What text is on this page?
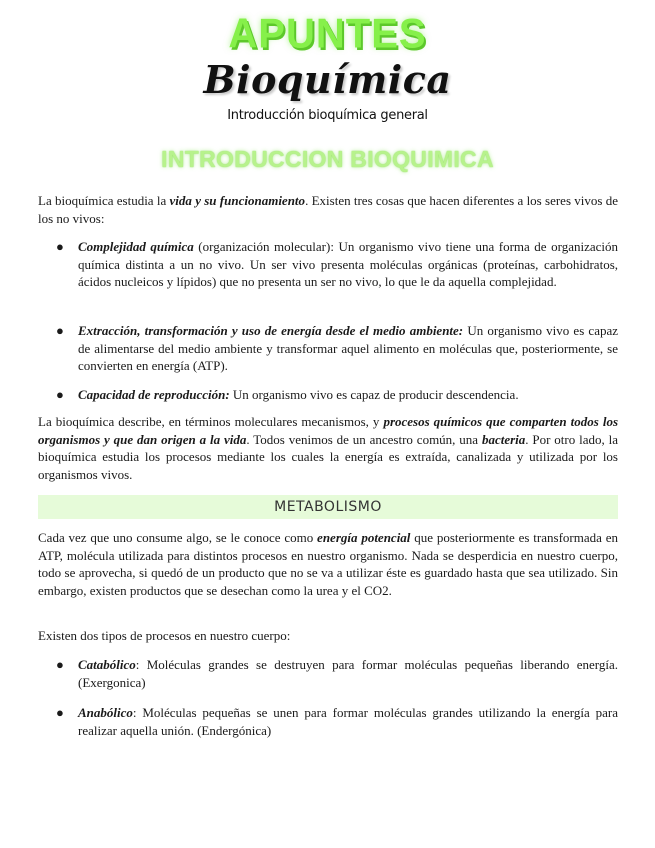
APUNTES
Bioquímica
Introducción bioquímica general
INTRODUCCION BIOQUIMICA
La bioquímica estudia la vida y su funcionamiento. Existen tres cosas que hacen diferentes a los seres vivos de los no vivos:
● Complejidad química (organización molecular): Un organismo vivo tiene una forma de organización química distinta a un no vivo. Un ser vivo presenta moléculas orgánicas (proteínas, carbohidratos, ácidos nucleicos y lípidos) que no presenta un ser no vivo, lo que le da aquella complejidad.
● Extracción, transformación y uso de energía desde el medio ambiente: Un organismo vivo es capaz de alimentarse del medio ambiente y transformar aquel alimento en moléculas que, posteriormente, se convierten en energía (ATP).
● Capacidad de reproducción: Un organismo vivo es capaz de producir descendencia.
La bioquímica describe, en términos moleculares mecanismos, y procesos químicos que comparten todos los organismos y que dan origen a la vida. Todos venimos de un ancestro común, una bacteria. Por otro lado, la bioquímica estudia los procesos mediante los cuales la energía es extraída, canalizada y utilizada por los organismos vivos.
METABOLISMO
Cada vez que uno consume algo, se le conoce como energía potencial que posteriormente es transformada en ATP, molécula utilizada para distintos procesos en nuestro organismo. Nada se desperdicia en nuestro cuerpo, todo se aprovecha, si quedó de un producto que no se va a utilizar éste es guardado hasta que sea utilizado. Sin embargo, existen productos que se desechan como la urea y el CO2.
Existen dos tipos de procesos en nuestro cuerpo:
● Catabólico: Moléculas grandes se destruyen para formar moléculas pequeñas liberando energía. (Exergonica)
● Anabólico: Moléculas pequeñas se unen para formar moléculas grandes utilizando la energía para realizar aquella unión. (Endergónica)
